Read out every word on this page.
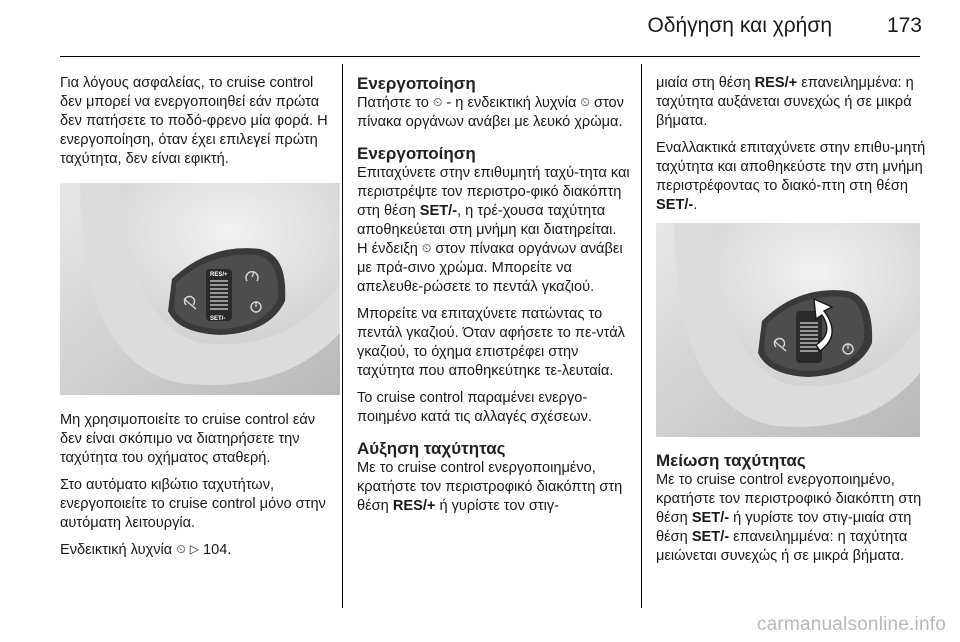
Οδήγηση και χρήση	173

Για λόγους ασφαλείας, το cruise control δεν μπορεί να ενεργοποιηθεί εάν πρώτα δεν πατήσετε το ποδό-φρενο μία φορά. Η ενεργοποίηση, όταν έχει επιλεγεί πρώτη ταχύτητα, δεν είναι εφικτή.

RES/+
SET/-

Μη χρησιμοποιείτε το cruise control εάν δεν είναι σκόπιμο να διατηρήσετε την ταχύτητα του οχήματος σταθερή.

Στο αυτόματο κιβώτιο ταχυτήτων, ενεργοποιείτε το cruise control μόνο στην αυτόματη λειτουργία.

Ενδεικτική λυχνία ⏲ ▷ 104.

Ενεργοποίηση

Πατήστε το ⏲ - η ενδεικτική λυχνία ⏲ στον πίνακα οργάνων ανάβει με λευκό χρώμα.

Ενεργοποίηση

Επιταχύνετε στην επιθυμητή ταχύ-τητα και περιστρέψτε τον περιστρο-φικό διακόπτη στη θέση SET/-, η τρέ-χουσα ταχύτητα αποθηκεύεται στη μνήμη και διατηρείται. Η ένδειξη ⏲ στον πίνακα οργάνων ανάβει με πρά-σινο χρώμα. Μπορείτε να απελευθε-ρώσετε το πεντάλ γκαζιού.

Μπορείτε να επιταχύνετε πατώντας το πεντάλ γκαζιού. Όταν αφήσετε το πε-ντάλ γκαζιού, το όχημα επιστρέφει στην ταχύτητα που αποθηκεύτηκε τε-λευταία.

Το cruise control παραμένει ενεργο-ποιημένο κατά τις αλλαγές σχέσεων.

Αύξηση ταχύτητας

Με το cruise control ενεργοποιημένο, κρατήστε τον περιστροφικό διακόπτη στη θέση RES/+ ή γυρίστε τον στιγ-

μιαία στη θέση RES/+ επανειλημμένα: η ταχύτητα αυξάνεται συνεχώς ή σε μικρά βήματα.

Εναλλακτικά επιταχύνετε στην επιθυ-μητή ταχύτητα και αποθηκεύστε την στη μνήμη περιστρέφοντας το διακό-πτη στη θέση SET/-.

Μείωση ταχύτητας

Με το cruise control ενεργοποιημένο, κρατήστε τον περιστροφικό διακόπτη στη θέση SET/- ή γυρίστε τον στιγ-μιαία στη θέση SET/- επανειλημμένα: η ταχύτητα μειώνεται συνεχώς ή σε μικρά βήματα.

carmanualsonline.info
